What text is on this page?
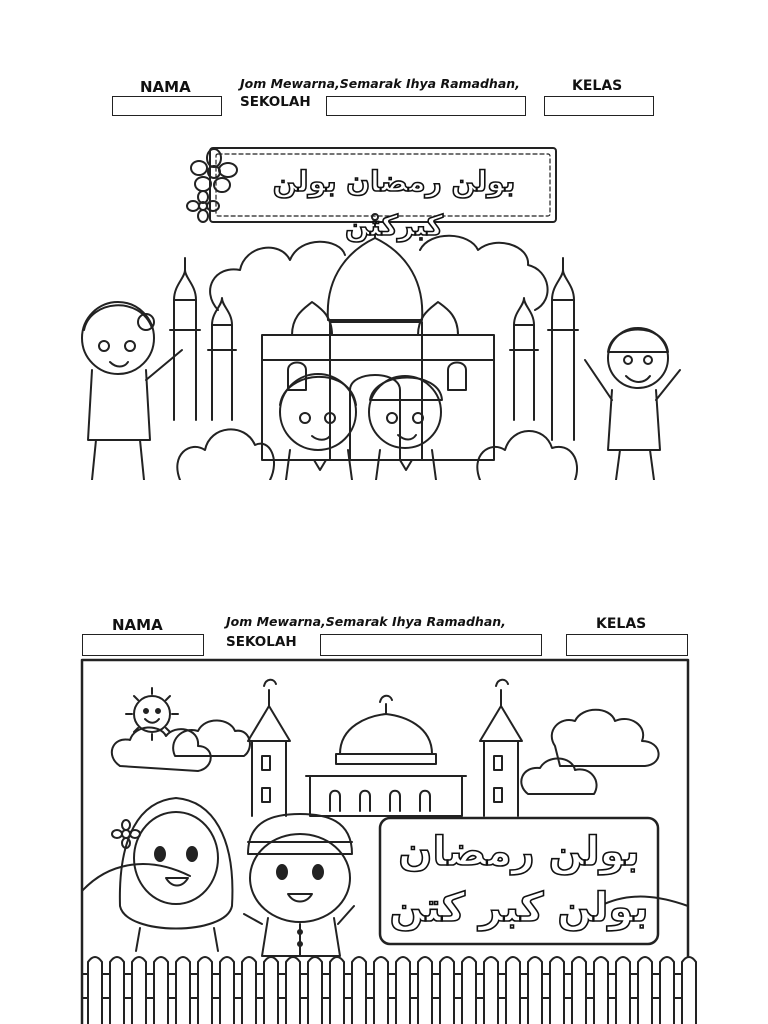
NAMA	Jom Mewarna,Semarak Ihya Ramadhan,
SEKOLAH
KELAS
بولن رمضان بولن کبرکتن
NAMA	Jom Mewarna,Semarak Ihya Ramadhan,
SEKOLAH
KELAS
بولن رمضان
بولن کبر کتن
